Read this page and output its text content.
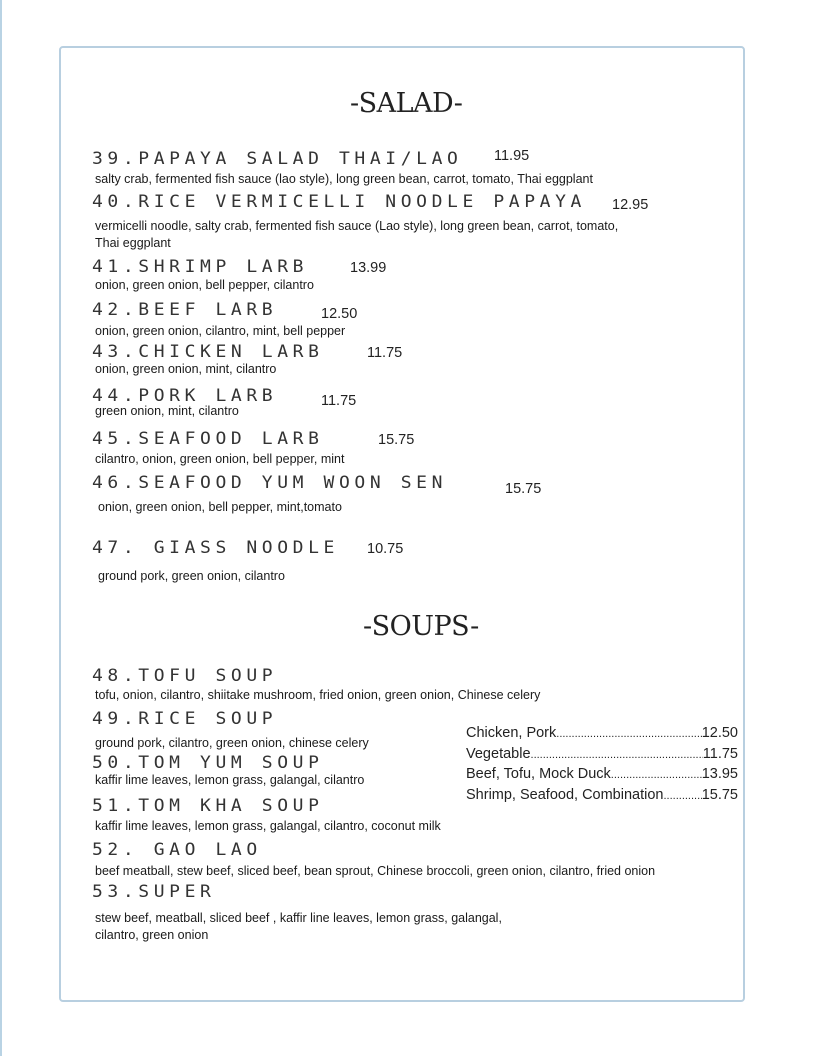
-SALAD-
39.PAPAYA SALAD THAI/LAO 11.95
salty crab, fermented fish sauce (lao style), long green bean, carrot, tomato, Thai eggplant
40.RICE VERMICELLI NOODLE PAPAYA 12.95
vermicelli noodle, salty crab, fermented fish sauce (Lao style), long green bean, carrot, tomato, Thai eggplant
41.SHRIMP LARB	13.99
onion, green onion, bell pepper, cilantro
42.BEEF LARB	12.50
onion, green onion, cilantro, mint, bell pepper
43.CHICKEN LARB	11.75
onion, green onion, mint, cilantro
44.PORK LARB	11.75
green onion, mint, cilantro
45.SEAFOOD LARB	15.75
cilantro, onion, green onion, bell pepper, mint
46.SEAFOOD YUM WOON SEN	15.75
onion, green onion, bell pepper, mint,tomato
47. GIASS NOODLE 10.75
ground pork, green onion, cilantro
-SOUPS-
48.TOFU SOUP
tofu, onion, cilantro, shiitake mushroom, fried onion, green onion, Chinese celery
49.RICE SOUP
ground pork, cilantro, green onion, chinese celery
50.TOM YUM SOUP
kaffir lime leaves, lemon grass, galangal, cilantro
51.TOM KHA SOUP
kaffir lime leaves, lemon grass, galangal, cilantro, coconut milk
52. GAO LAO
beef meatball, stew beef, sliced beef, bean sprout, Chinese broccoli, green onion, cilantro, fried onion
53.SUPER
stew beef, meatball, sliced beef , kaffir line leaves, lemon grass, galangal, cilantro, green onion
Chicken, Pork .....	12.50
Vegetable .....	11.75
Beef, Tofu, Mock Duck .....	13.95
Shrimp, Seafood, Combination .....	15.75
